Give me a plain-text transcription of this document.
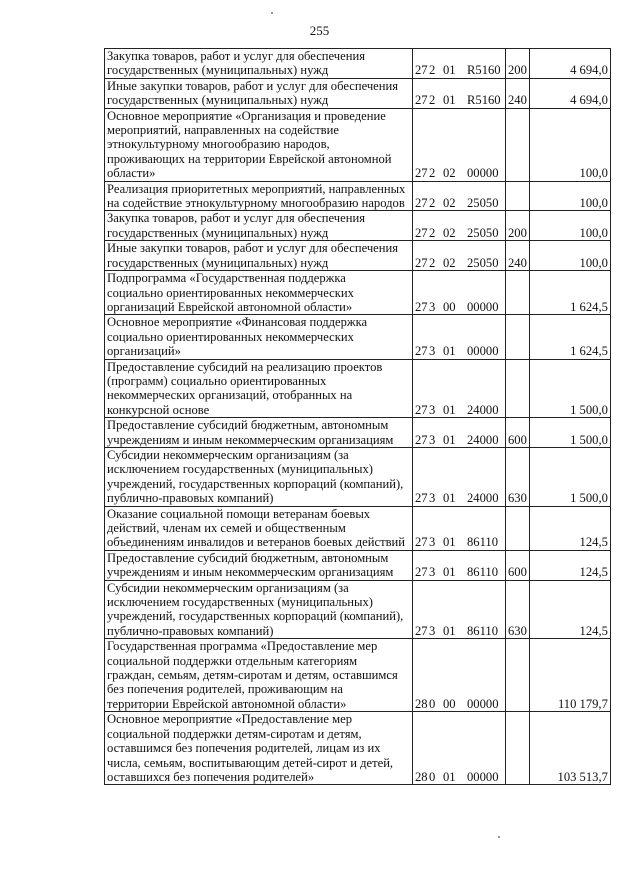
255
Закупка товаров, работ и услуг для обеспечения
государственных (муниципальных) нужд	272 01 R5160	200	4 694,0

Иные закупки товаров, работ и услуг для обеспечения
государственных (муниципальных) нужд	272 01 R5160	240	4 694,0

Основное мероприятие «Организация и проведение
мероприятий, направленных на содействие
этнокультурному многообразию народов,
проживающих на территории Еврейской автономной
области»	272 02 00000		100,0

Реализация приоритетных мероприятий, направленных
на содействие этнокультурному многообразию народов	272 02 25050		100,0

Закупка товаров, работ и услуг для обеспечения
государственных (муниципальных) нужд	272 02 25050	200	100,0

Иные закупки товаров, работ и услуг для обеспечения
государственных (муниципальных) нужд	272 02 25050	240	100,0

Подпрограмма «Государственная поддержка
социально ориентированных некоммерческих
организаций Еврейской автономной области»	273 00 00000		1 624,5

Основное мероприятие «Финансовая поддержка
социально ориентированных некоммерческих
организаций»	273 01 00000		1 624,5

Предоставление субсидий на реализацию проектов
(программ) социально ориентированных
некоммерческих организаций, отобранных на
конкурсной основе	273 01 24000		1 500,0

Предоставление субсидий бюджетным, автономным
учреждениям и иным некоммерческим организациям	273 01 24000	600	1 500,0

Субсидии некоммерческим организациям (за
исключением государственных (муниципальных)
учреждений, государственных корпораций (компаний),
публично-правовых компаний)	273 01 24000	630	1 500,0

Оказание социальной помощи ветеранам боевых
действий, членам их семей и общественным
объединениям инвалидов и ветеранов боевых действий	273 01 86110		124,5

Предоставление субсидий бюджетным, автономным
учреждениям и иным некоммерческим организациям	273 01 86110	600	124,5

Субсидии некоммерческим организациям (за
исключением государственных (муниципальных)
учреждений, государственных корпораций (компаний),
публично-правовых компаний)	273 01 86110	630	124,5

Государственная программа «Предоставление мер
социальной поддержки отдельным категориям
граждан, семьям, детям-сиротам и детям, оставшимся
без попечения родителей, проживающим на
территории Еврейской автономной области»	280 00 00000		110 179,7

Основное мероприятие «Предоставление мер
социальной поддержки детям-сиротам и детям,
оставшимся без попечения родителей, лицам из их
числа, семьям, воспитывающим детей-сирот и детей,
оставшихся без попечения родителей»	280 01 00000		103 513,7
